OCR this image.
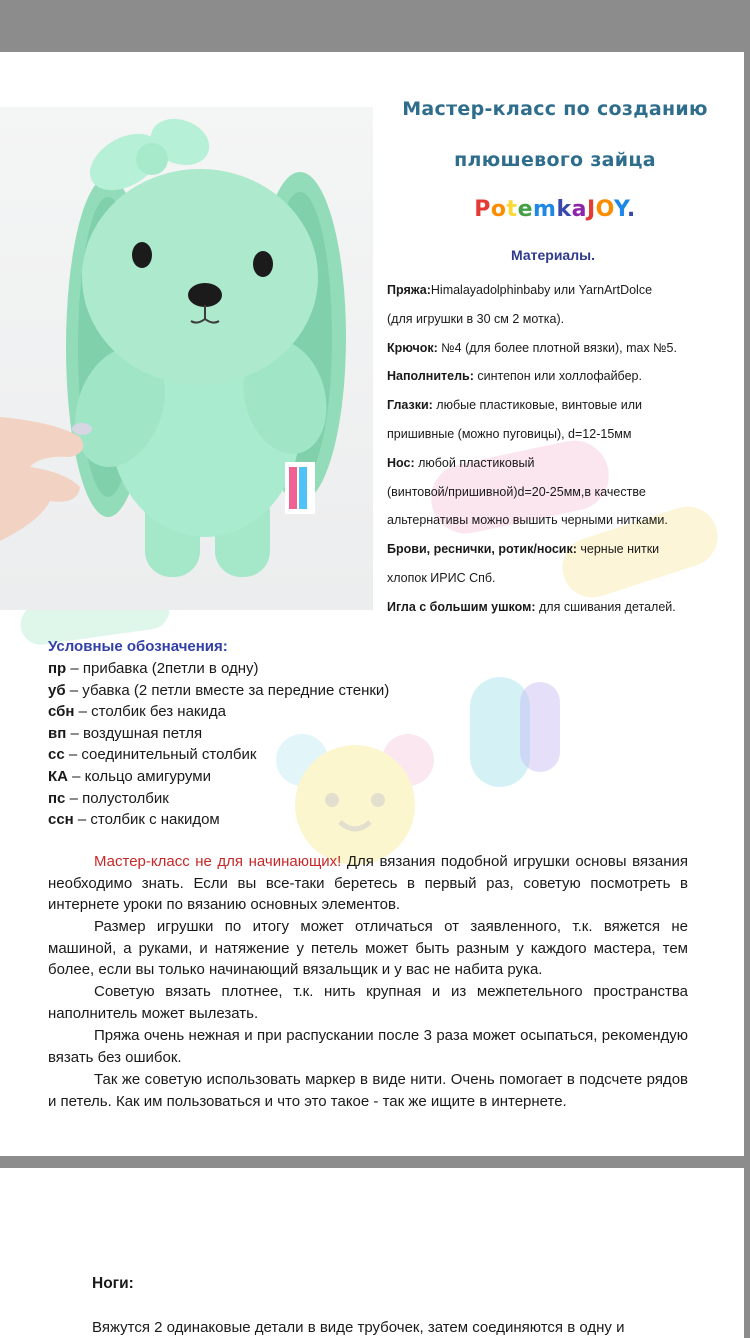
Мастер-класс по созданию
плюшевого зайца
PotemkaJOY.
Материалы.
Пряжа:Himalayadolphinbaby или YarnArtDolce
(для игрушки в 30 см 2 мотка).
Крючок: №4 (для более плотной вязки), max №5.
Наполнитель: синтепон или холлофайбер.
Глазки: любые пластиковые, винтовые или
пришивные (можно пуговицы), d=12-15мм
Нос: любой пластиковый
(винтовой/пришивной)d=20-25мм,в качестве
альтернативы можно вышить черными нитками.
Брови, реснички, ротик/носик: черные нитки
хлопок ИРИС Спб.
Игла с большим ушком: для сшивания деталей.
Условные обозначения:
пр – прибавка (2петли в одну)
уб – убавка (2 петли вместе за передние стенки)
сбн – столбик без накида
вп – воздушная петля
сс – соединительный столбик
КА – кольцо амигуруми
пс – полустолбик
ссн – столбик с накидом
Мастер-класс не для начинающих! Для вязания подобной игрушки основы вязания необходимо знать. Если вы все-таки беретесь в первый раз, советую посмотреть в интернете уроки по вязанию основных элементов.
Размер игрушки по итогу может отличаться от заявленного, т.к. вяжется не машиной, а руками, и натяжение у петель может быть разным у каждого мастера, тем более, если вы только начинающий вязальщик и у вас не набита рука.
Советую вязать плотнее, т.к. нить крупная и из межпетельного пространства наполнитель может вылезать.
Пряжа очень нежная и при распускании после 3 раза может осыпаться, рекомендую вязать без ошибок.
Так же советую использовать маркер в виде нити. Очень помогает в подсчете рядов и петель. Как им пользоваться и что это такое - так же ищите в интернете.
Ноги:
Вяжутся 2 одинаковые детали в виде трубочек, затем соединяются в одну и
